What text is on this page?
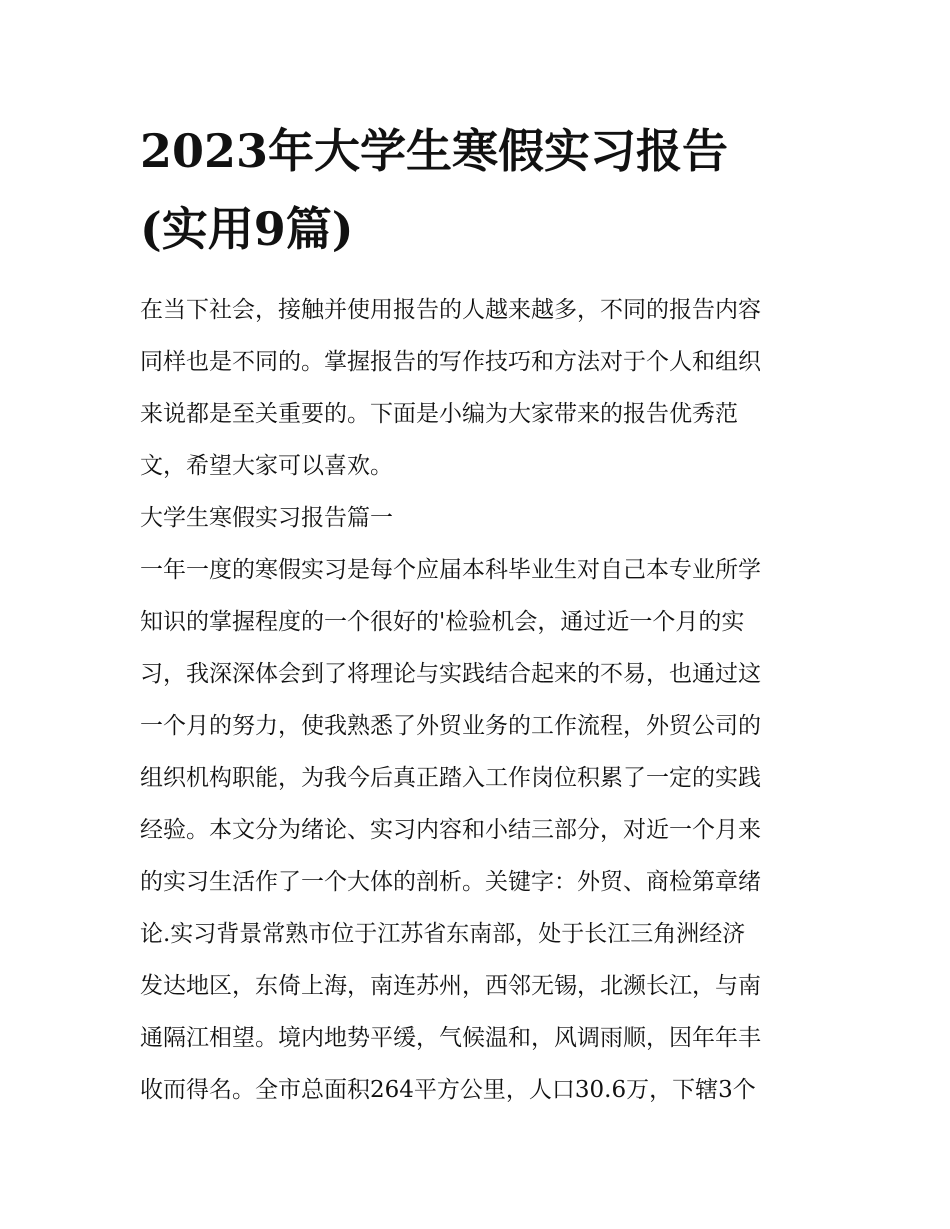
2023年大学生寒假实习报告
(实用9篇)

在当下社会，接触并使用报告的人越来越多，不同的报告内容
同样也是不同的。掌握报告的写作技巧和方法对于个人和组织
来说都是至关重要的。下面是小编为大家带来的报告优秀范
文，希望大家可以喜欢。

大学生寒假实习报告篇一

一年一度的寒假实习是每个应届本科毕业生对自己本专业所学
知识的掌握程度的一个很好的'检验机会，通过近一个月的实
习，我深深体会到了将理论与实践结合起来的不易，也通过这
一个月的努力，使我熟悉了外贸业务的工作流程，外贸公司的
组织机构职能，为我今后真正踏入工作岗位积累了一定的实践
经验。本文分为绪论、实习内容和小结三部分，对近一个月来
的实习生活作了一个大体的剖析。关键字：外贸、商检第章绪
论.实习背景常熟市位于江苏省东南部，处于长江三角洲经济
发达地区，东倚上海，南连苏州，西邻无锡，北濒长江，与南
通隔江相望。境内地势平缓，气候温和，风调雨顺，因年年丰
收而得名。全市总面积264平方公里，人口30.6万，下辖3个
